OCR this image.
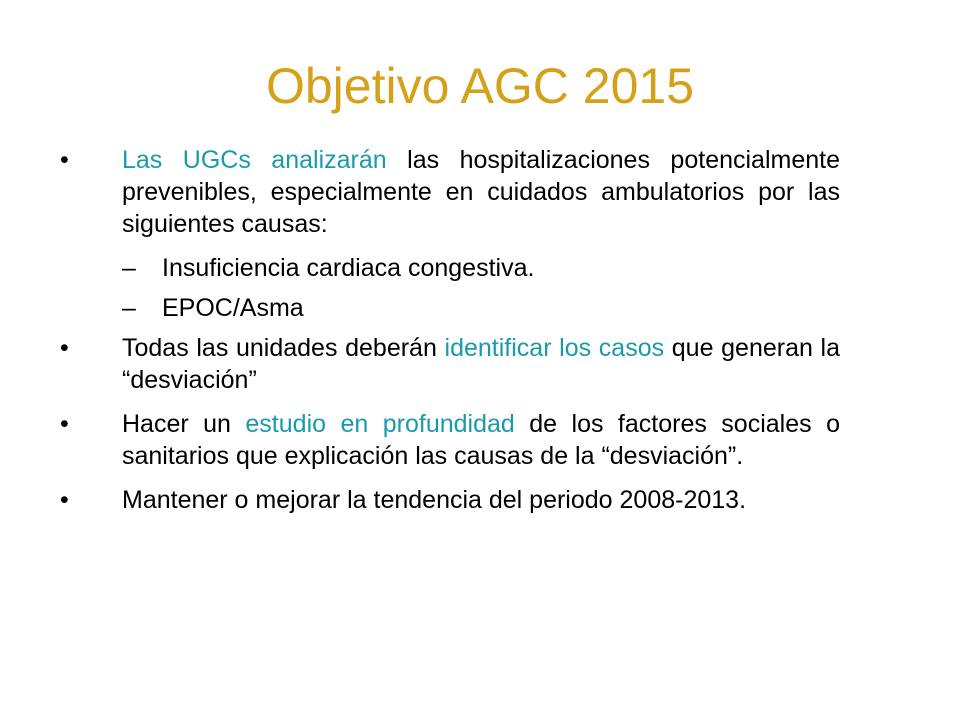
Objetivo AGC 2015
• Las UGCs analizarán las hospitalizaciones potencialmente prevenibles, especialmente en cuidados ambulatorios por las siguientes causas:
– Insuficiencia cardiaca congestiva.
– EPOC/Asma
• Todas las unidades deberán identificar los casos que generan la “desviación”
• Hacer un estudio en profundidad de los factores sociales o sanitarios que explicación las causas de la “desviación”.
• Mantener o mejorar la tendencia del periodo 2008-2013.
